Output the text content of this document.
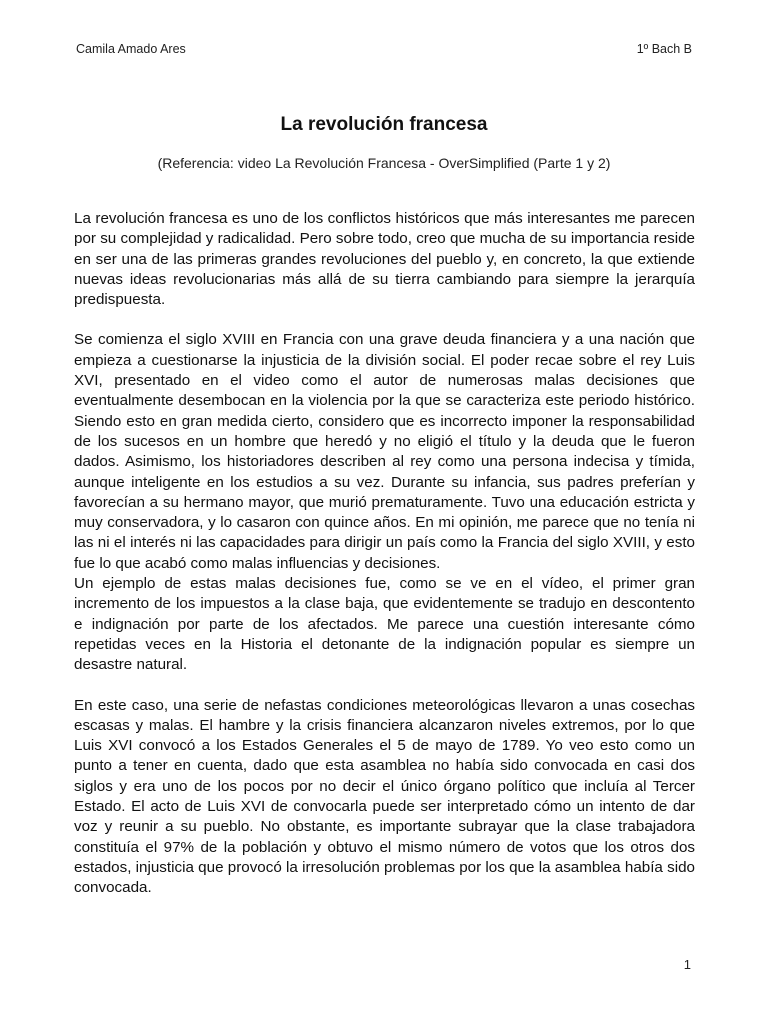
Camila Amado Ares	1º Bach B
La revolución francesa
(Referencia: video La Revolución Francesa - OverSimplified (Parte 1 y 2)

La revolución francesa es uno de los conflictos históricos que más interesantes me parecen por su complejidad y radicalidad. Pero sobre todo, creo que mucha de su importancia reside en ser una de las primeras grandes revoluciones del pueblo y, en concreto, la que extiende nuevas ideas revolucionarias más allá de su tierra cambiando para siempre la jerarquía predispuesta.

Se comienza el siglo XVIII en Francia con una grave deuda financiera y a una nación que empieza a cuestionarse la injusticia de la división social. El poder recae sobre el rey Luis XVI, presentado en el video como el autor de numerosas malas decisiones que eventualmente desembocan en la violencia por la que se caracteriza este periodo histórico. Siendo esto en gran medida cierto, considero que es incorrecto imponer la responsabilidad de los sucesos en un hombre que heredó y no eligió el título y la deuda que le fueron dados. Asimismo, los historiadores describen al rey como una persona indecisa y tímida, aunque inteligente en los estudios a su vez. Durante su infancia, sus padres preferían y favorecían a su hermano mayor, que murió prematuramente. Tuvo una educación estricta y muy conservadora, y lo casaron con quince años. En mi opinión, me parece que no tenía ni las ni el interés ni las capacidades para dirigir un país como la Francia del siglo XVIII, y esto fue lo que acabó como malas influencias y decisiones.

Un ejemplo de estas malas decisiones fue, como se ve en el vídeo, el primer gran incremento de los impuestos a la clase baja, que evidentemente se tradujo en descontento e indignación por parte de los afectados. Me parece una cuestión interesante cómo repetidas veces en la Historia el detonante de la indignación popular es siempre un desastre natural.

En este caso, una serie de nefastas condiciones meteorológicas llevaron a unas cosechas escasas y malas. El hambre y la crisis financiera alcanzaron niveles extremos, por lo que Luis XVI convocó a los Estados Generales el 5 de mayo de 1789. Yo veo esto como un punto a tener en cuenta, dado que esta asamblea no había sido convocada en casi dos siglos y era uno de los pocos por no decir el único órgano político que incluía al Tercer Estado. El acto de Luis XVI de convocarla puede ser interpretado cómo un intento de dar voz y reunir a su pueblo. No obstante, es importante subrayar que la clase trabajadora constituía el 97% de la población y obtuvo el mismo número de votos que los otros dos estados, injusticia que provocó la irresolución problemas por los que la asamblea había sido convocada.

1
